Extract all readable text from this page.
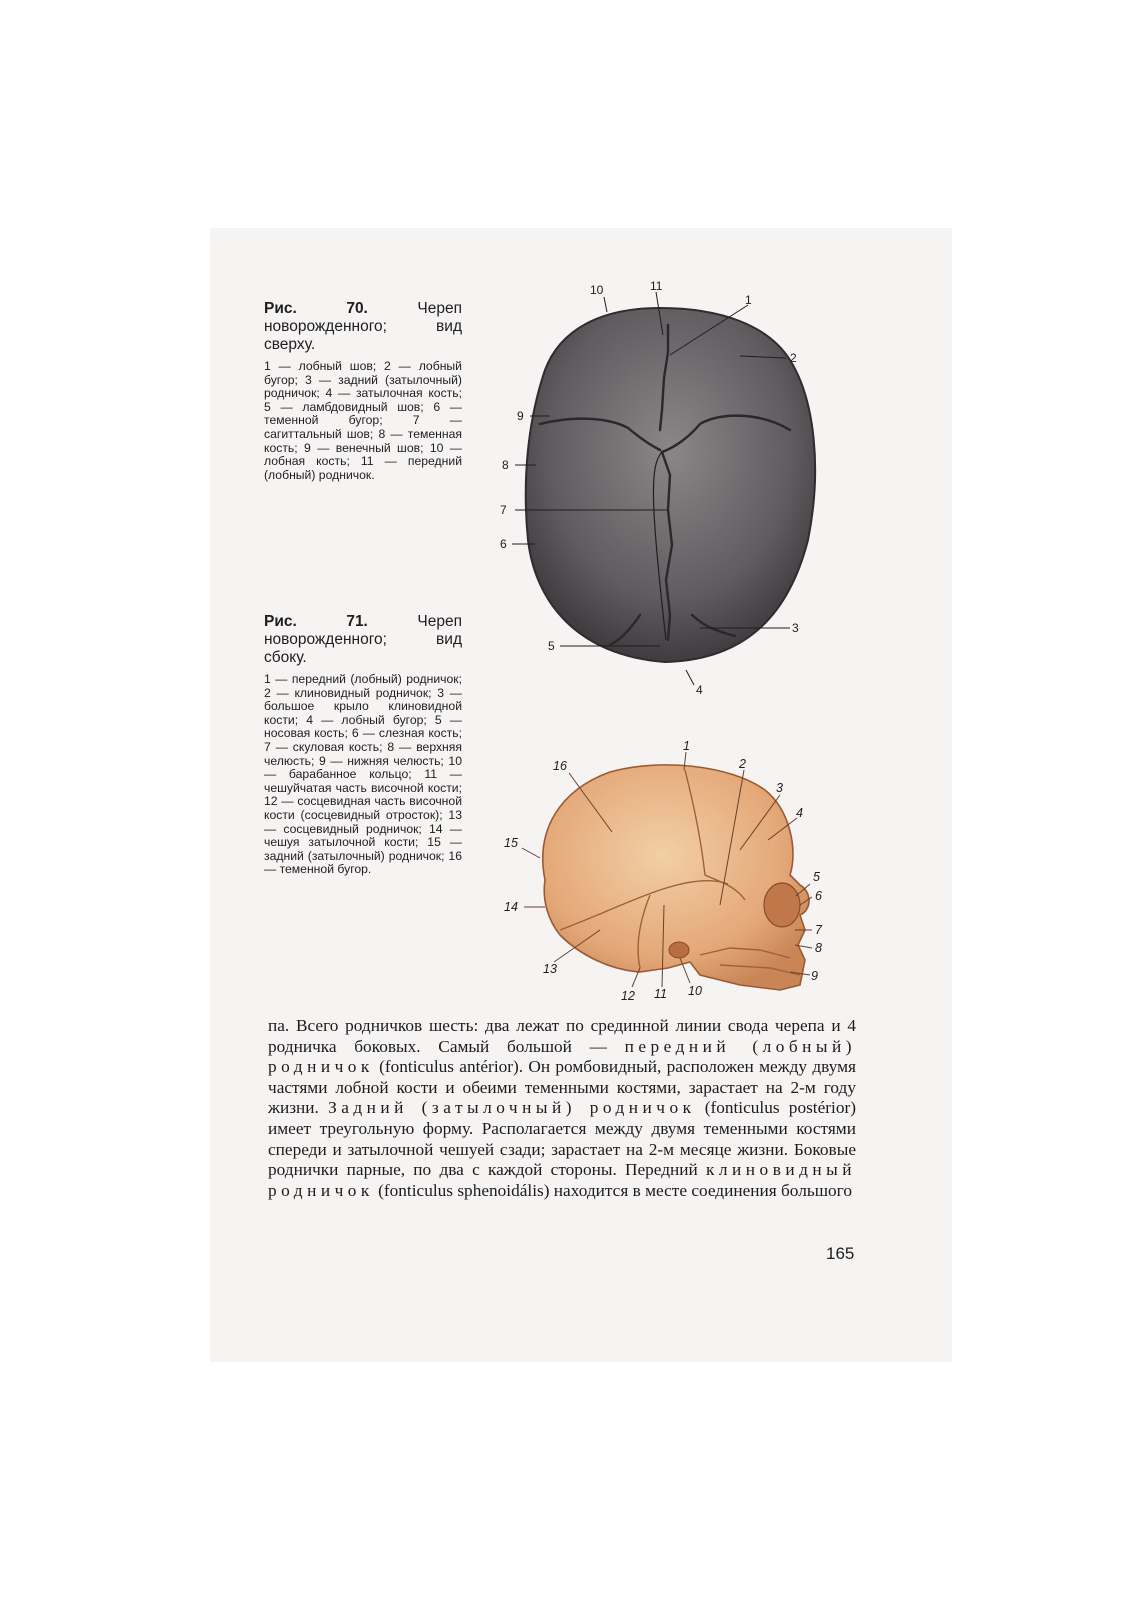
Рис. 70.	Череп новорожденного; вид сверху.
1 — лобный шов; 2 — лобный бугор; 3 — задний (затылочный) родничок; 4 — затылочная кость; 5 — ламбдовидный шов; 6 — теменной бугор; 7 — сагиттальный шов; 8 — теменная кость; 9 — венечный шов; 10 — лобная кость; 11 — передний (лобный) родничок.
Рис. 71.	Череп новорожденного; вид сбоку.
1 — передний (лобный) родничок; 2 — клиновидный родничок; 3 — большое крыло клиновидной кости; 4 — лобный бугор; 5 — носовая кость; 6 — слезная кость; 7 — скуловая кость; 8 — верхняя челюсть; 9 — нижняя челюсть; 10 — барабанное кольцо; 11 — чешуйчатая часть височной кости; 12 — сосцевидная часть височной кости (сосцевидный отросток); 13 — сосцевидный родничок; 14 — чешуя затылочной кости; 15 — задний (затылочный) родничок; 16 — теменной бугор.
10	11
1
2
9
8
7
6
5
3
4
1
16	2
3
4
15
5
6
14
7
8
13	9
12 11 10
па. Всего родничков шесть: два лежат по срединной линии свода черепа и 4 родничка боковых. Самый большой — передний (лобный) родничок (fonticulus antérior). Он ромбовидный, расположен между двумя частями лобной кости и обеими теменными костями, зарастает на 2-м году жизни. Задний (затылочный) родничок (fonticulus postérior) имеет треугольную форму. Располагается между двумя теменными костями спереди и затылочной чешуей сзади; зарастает на 2-м месяце жизни. Боковые роднички парные, по два с каждой стороны. Передний клиновидный родничок (fonticulus sphenoidális) находится в месте соединения большого
165
